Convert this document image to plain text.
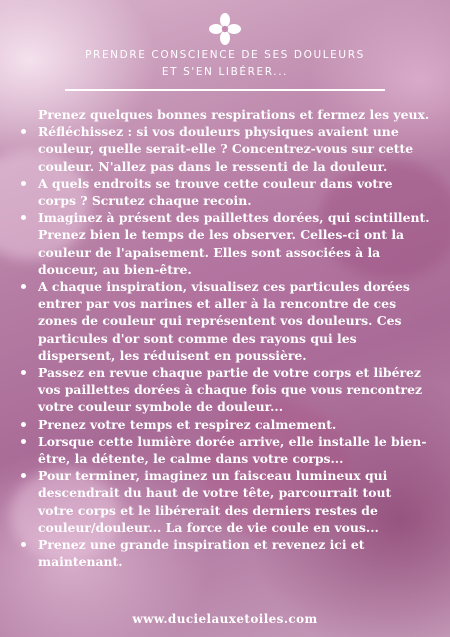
PRENDRE CONSCIENCE DE SES DOULEURS
ET S'EN LIBÉRER...

Prenez quelques bonnes respirations et fermez les yeux.

Réfléchissez : si vos douleurs physiques avaient une couleur, quelle serait-elle ? Concentrez-vous sur cette couleur. N'allez pas dans le ressenti de la douleur.
A quels endroits se trouve cette couleur dans votre corps ? Scrutez chaque recoin.
Imaginez à présent des paillettes dorées, qui scintillent. Prenez bien le temps de les observer. Celles-ci ont la couleur de l'apaisement. Elles sont associées à la douceur, au bien-être.
A chaque inspiration, visualisez ces particules dorées entrer par vos narines et aller à la rencontre de ces zones de couleur qui représentent vos douleurs. Ces particules d'or sont comme des rayons qui les dispersent, les réduisent en poussière.
Passez en revue chaque partie de votre corps et libérez vos paillettes dorées à chaque fois que vous rencontrez votre couleur symbole de douleur...
Prenez votre temps et respirez calmement.
Lorsque cette lumière dorée arrive, elle installe le bien-être, la détente, le calme dans votre corps...
Pour terminer, imaginez un faisceau lumineux qui descendrait du haut de votre tête, parcourrait tout votre corps et le libérerait des derniers restes de couleur/douleur... La force de vie coule en vous...
Prenez une grande inspiration et revenez ici et maintenant.
www.ducielauxetoiles.com
